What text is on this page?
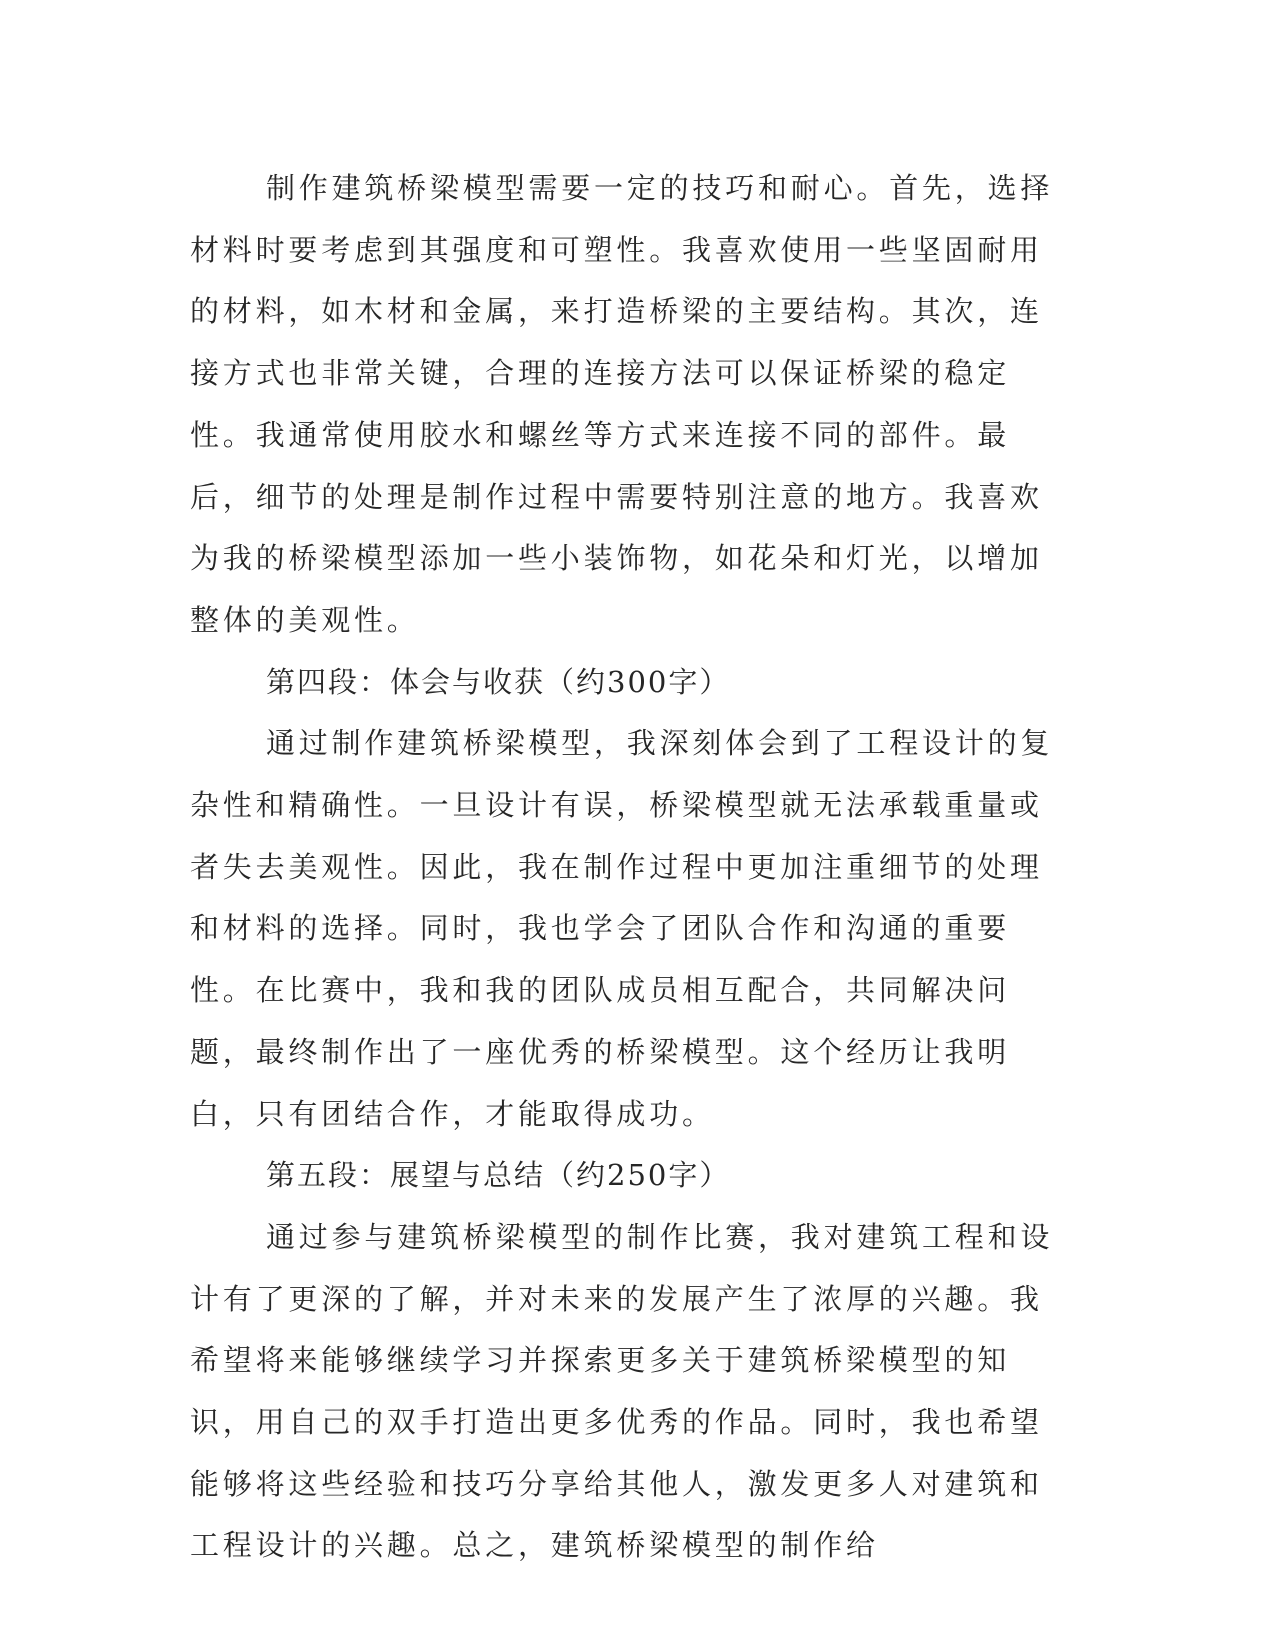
制作建筑桥梁模型需要一定的技巧和耐心。首先，选择材料时要考虑到其强度和可塑性。我喜欢使用一些坚固耐用的材料，如木材和金属，来打造桥梁的主要结构。其次，连接方式也非常关键，合理的连接方法可以保证桥梁的稳定性。我通常使用胶水和螺丝等方式来连接不同的部件。最后，细节的处理是制作过程中需要特别注意的地方。我喜欢为我的桥梁模型添加一些小装饰物，如花朵和灯光，以增加整体的美观性。

第四段：体会与收获（约300字）

通过制作建筑桥梁模型，我深刻体会到了工程设计的复杂性和精确性。一旦设计有误，桥梁模型就无法承载重量或者失去美观性。因此，我在制作过程中更加注重细节的处理和材料的选择。同时，我也学会了团队合作和沟通的重要性。在比赛中，我和我的团队成员相互配合，共同解决问题，最终制作出了一座优秀的桥梁模型。这个经历让我明白，只有团结合作，才能取得成功。

第五段：展望与总结（约250字）

通过参与建筑桥梁模型的制作比赛，我对建筑工程和设计有了更深的了解，并对未来的发展产生了浓厚的兴趣。我希望将来能够继续学习并探索更多关于建筑桥梁模型的知识，用自己的双手打造出更多优秀的作品。同时，我也希望能够将这些经验和技巧分享给其他人，激发更多人对建筑和工程设计的兴趣。总之，建筑桥梁模型的制作给
